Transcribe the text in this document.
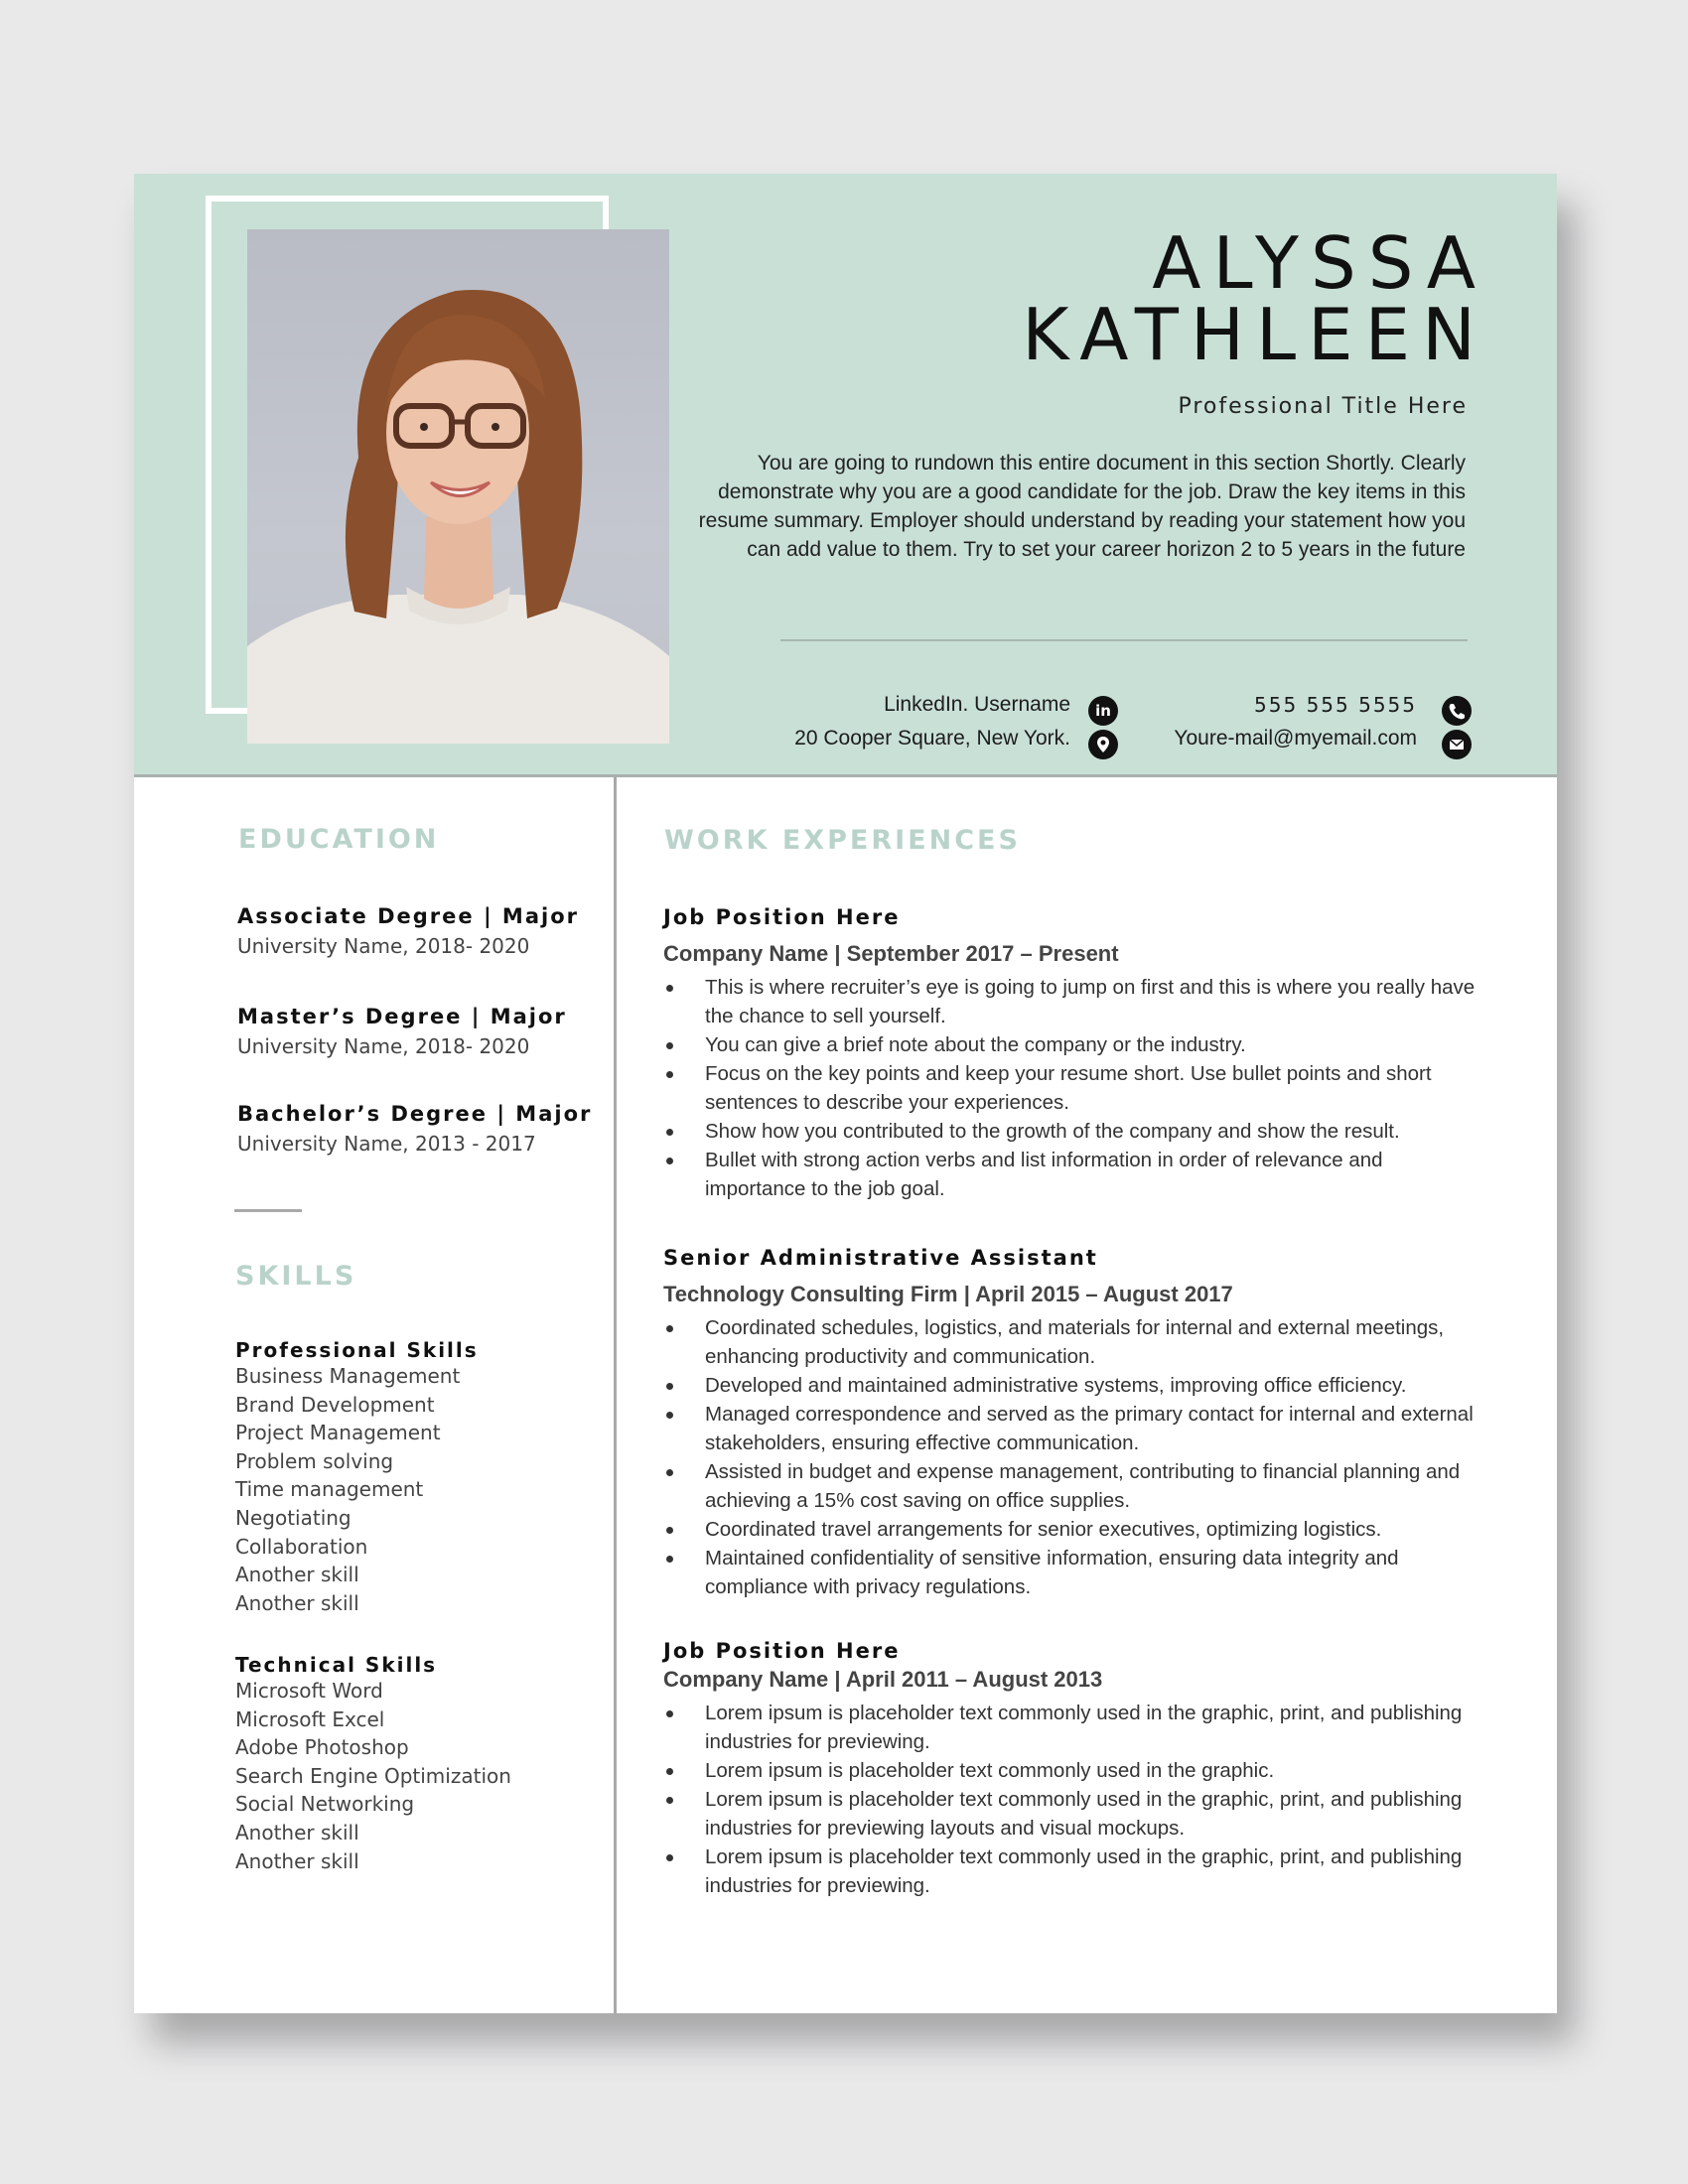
ALYSSA
KATHLEEN
Professional Title Here
You are going to rundown this entire document in this section Shortly. Clearly demonstrate why you are a good candidate for the job. Draw the key items in this resume summary. Employer should understand by reading your statement how you can add value to them. Try to set your career horizon 2 to 5 years in the future
LinkedIn. Username	in
20 Cooper Square, New York.
555 555 5555
Youre-mail@myemail.com
EDUCATION
Associate Degree | Major
University Name, 2018- 2020
Master’s Degree | Major
University Name, 2018- 2020
Bachelor’s Degree | Major
University Name, 2013 - 2017
SKILLS
Professional Skills
Business Management
Brand Development
Project Management
Problem solving
Time management
Negotiating
Collaboration
Another skill
Another skill
Technical Skills
Microsoft Word
Microsoft Excel
Adobe Photoshop
Search Engine Optimization
Social Networking
Another skill
Another skill
WORK EXPERIENCES
Job Position Here
Company Name | September 2017 – Present
This is where recruiter’s eye is going to jump on first and this is where you really have the chance to sell yourself.
You can give a brief note about the company or the industry.
Focus on the key points and keep your resume short. Use bullet points and short sentences to describe your experiences.
Show how you contributed to the growth of the company and show the result.
Bullet with strong action verbs and list information in order of relevance and importance to the job goal.
Senior Administrative Assistant
Technology Consulting Firm | April 2015 – August 2017
Coordinated schedules, logistics, and materials for internal and external meetings, enhancing productivity and communication.
Developed and maintained administrative systems, improving office efficiency.
Managed correspondence and served as the primary contact for internal and external stakeholders, ensuring effective communication.
Assisted in budget and expense management, contributing to financial planning and achieving a 15% cost saving on office supplies.
Coordinated travel arrangements for senior executives, optimizing logistics.
Maintained confidentiality of sensitive information, ensuring data integrity and compliance with privacy regulations.
Job Position Here
Company Name | April 2011 – August 2013
Lorem ipsum is placeholder text commonly used in the graphic, print, and publishing industries for previewing.
Lorem ipsum is placeholder text commonly used in the graphic.
Lorem ipsum is placeholder text commonly used in the graphic, print, and publishing industries for previewing layouts and visual mockups.
Lorem ipsum is placeholder text commonly used in the graphic, print, and publishing industries for previewing.
